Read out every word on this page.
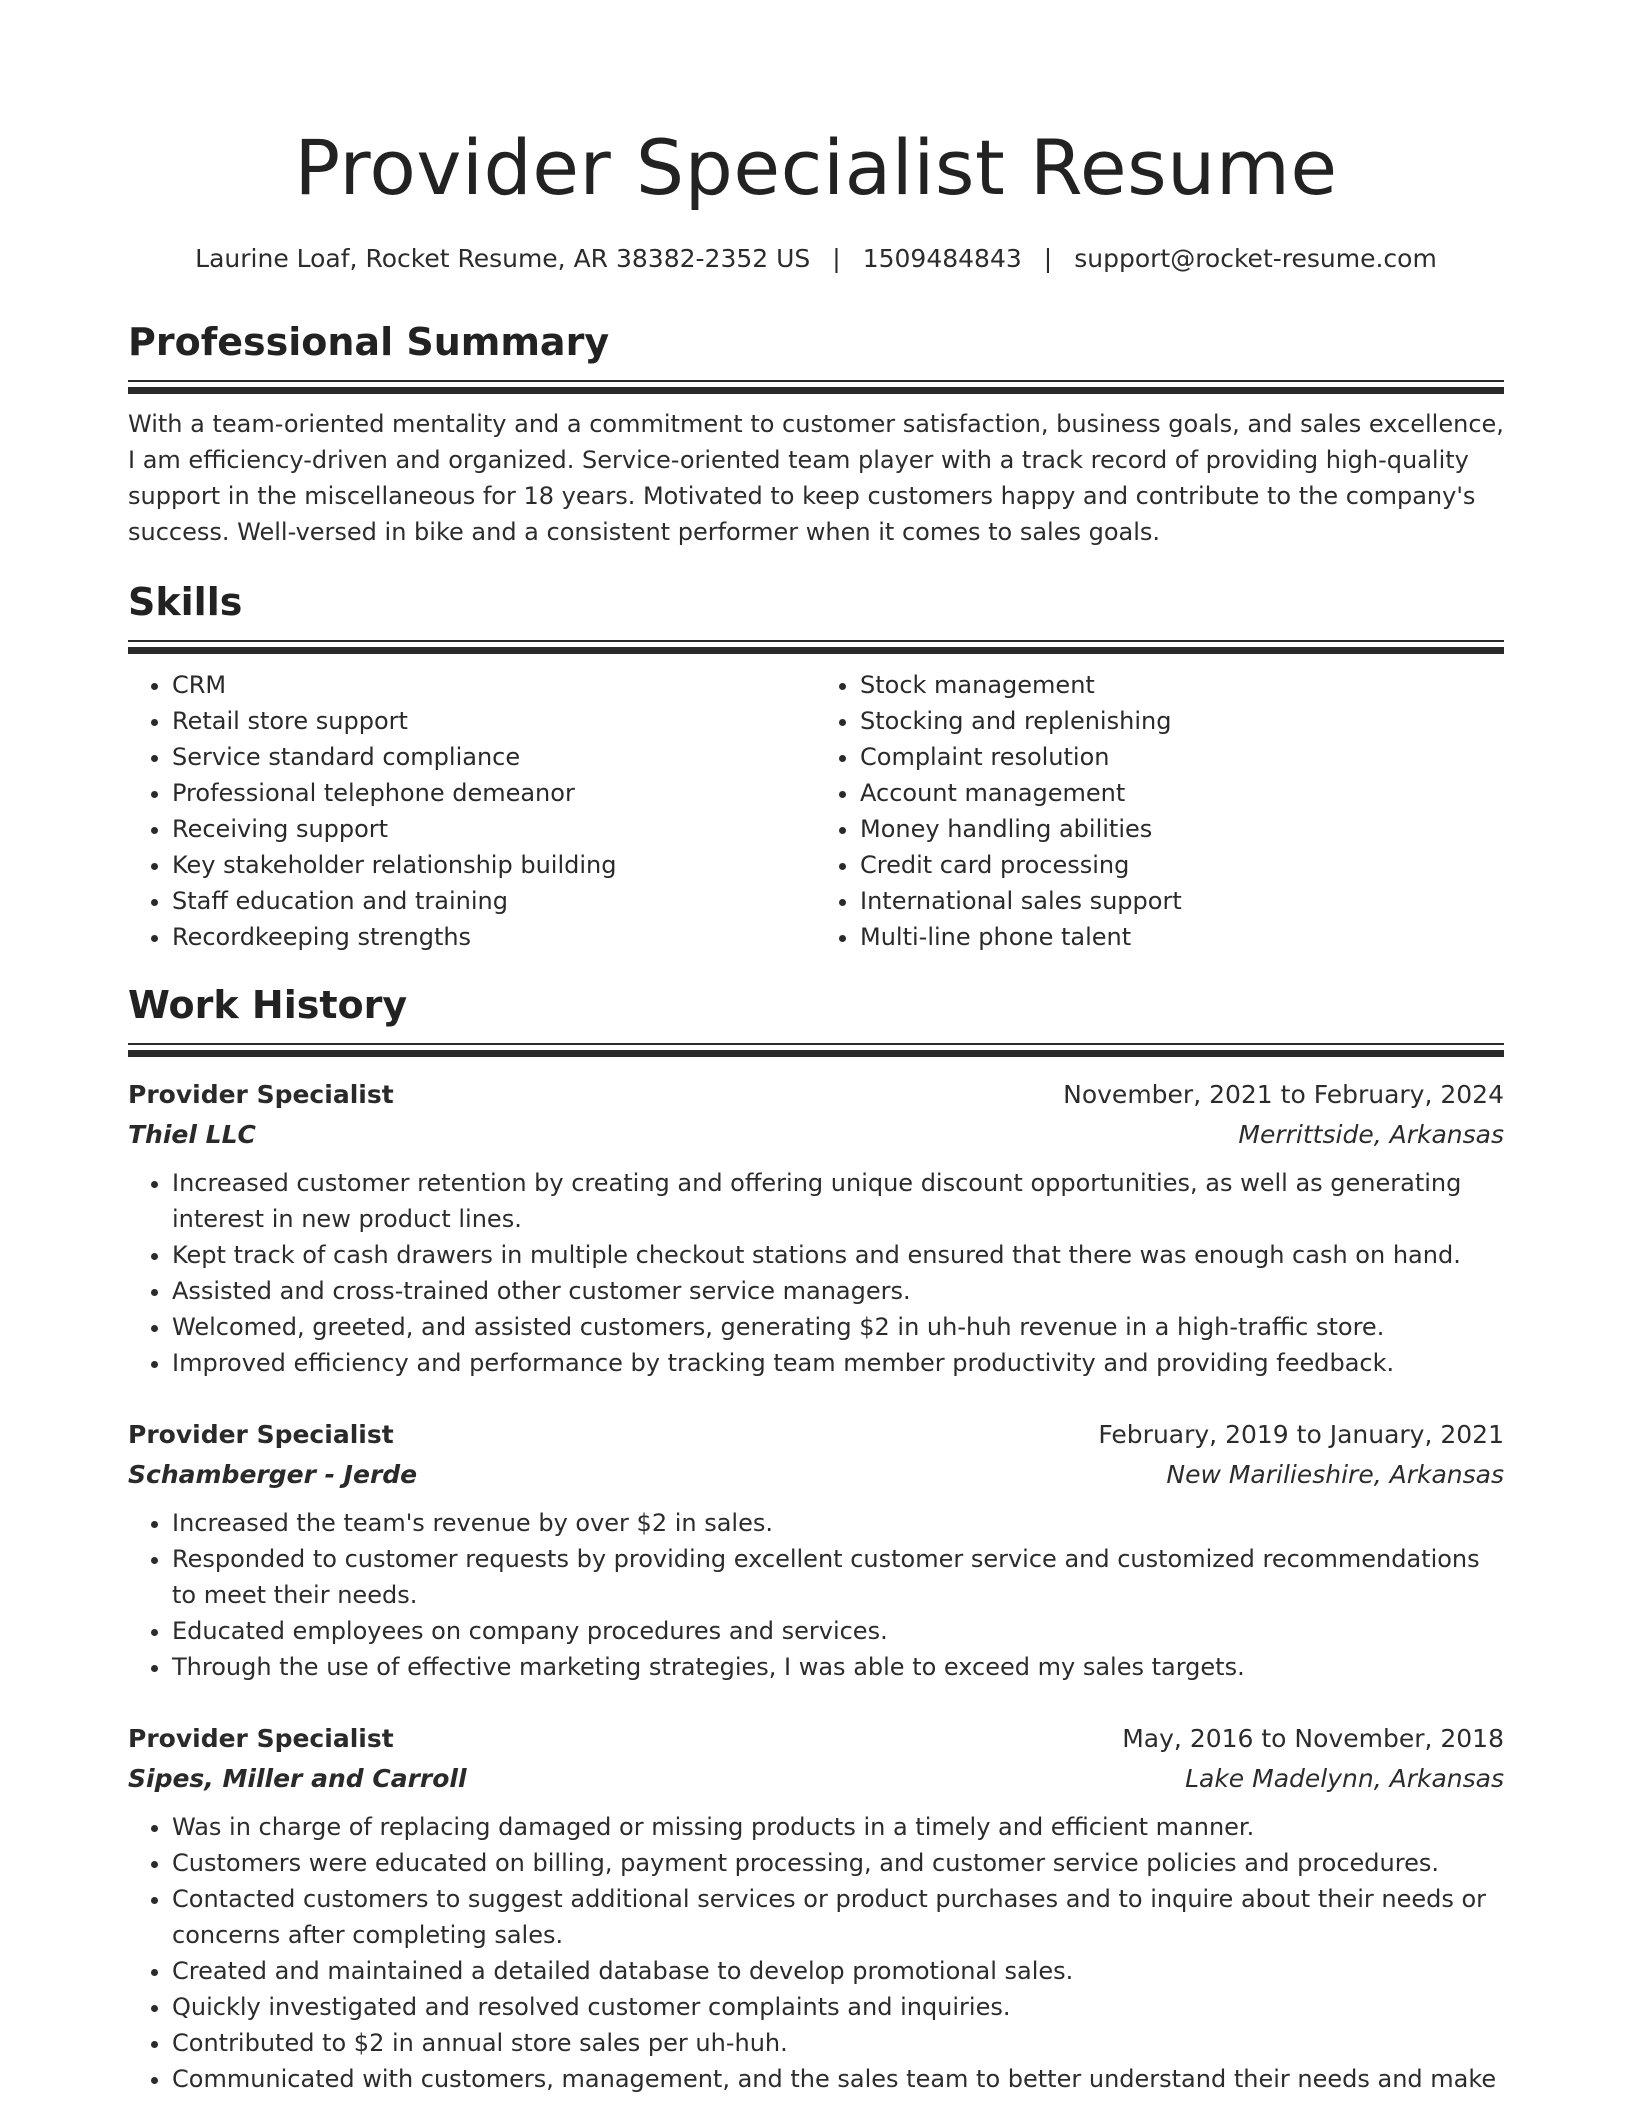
Provider Specialist Resume
Laurine Loaf, Rocket Resume, AR 38382-2352 US | 1509484843 | support@rocket-resume.com
Professional Summary

With a team-oriented mentality and a commitment to customer satisfaction, business goals, and sales excellence, I am efficiency-driven and organized. Service-oriented team player with a track record of providing high-quality support in the miscellaneous for 18 years. Motivated to keep customers happy and contribute to the company's success. Well-versed in bike and a consistent performer when it comes to sales goals.

Skills
• CRM
• Retail store support
• Service standard compliance
• Professional telephone demeanor
• Receiving support
• Key stakeholder relationship building
• Staff education and training
• Recordkeeping strengths
• Stock management
• Stocking and replenishing
• Complaint resolution
• Account management
• Money handling abilities
• Credit card processing
• International sales support
• Multi-line phone talent
Work History
Provider Specialist	November, 2021 to February, 2024
Thiel LLC	Merrittside, Arkansas
• Increased customer retention by creating and offering unique discount opportunities, as well as generating interest in new product lines.
• Kept track of cash drawers in multiple checkout stations and ensured that there was enough cash on hand.
• Assisted and cross-trained other customer service managers.
• Welcomed, greeted, and assisted customers, generating $2 in uh-huh revenue in a high-traffic store.
• Improved efficiency and performance by tracking team member productivity and providing feedback.
Provider Specialist	February, 2019 to January, 2021
Schamberger - Jerde	New Marilieshire, Arkansas
• Increased the team's revenue by over $2 in sales.
• Responded to customer requests by providing excellent customer service and customized recommendations to meet their needs.
• Educated employees on company procedures and services.
• Through the use of effective marketing strategies, I was able to exceed my sales targets.
Provider Specialist	May, 2016 to November, 2018
Sipes, Miller and Carroll	Lake Madelynn, Arkansas
• Was in charge of replacing damaged or missing products in a timely and efficient manner.
• Customers were educated on billing, payment processing, and customer service policies and procedures.
• Contacted customers to suggest additional services or product purchases and to inquire about their needs or concerns after completing sales.
• Created and maintained a detailed database to develop promotional sales.
• Quickly investigated and resolved customer complaints and inquiries.
• Contributed to $2 in annual store sales per uh-huh.
• Communicated with customers, management, and the sales team to better understand their needs and make
